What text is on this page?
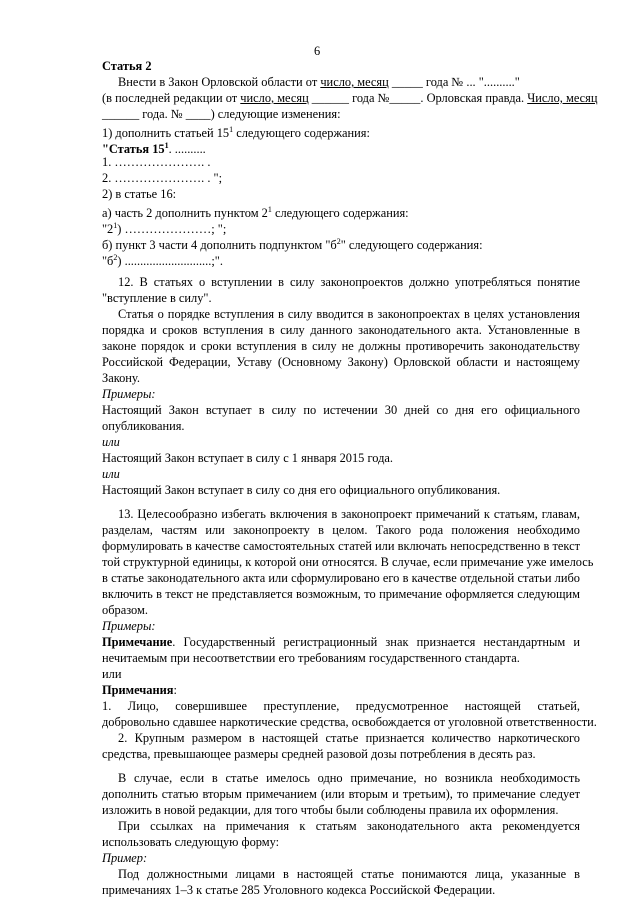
6
Статья 2
Внести в Закон Орловской области от число, месяц _____ года № ... ".........."
(в последней редакции от число, месяц ______ года №_____. Орловская правда. Число, месяц
______ года. № ____) следующие изменения:
1) дополнить статьей $15^1$ следующего содержания:
"Статья $15^1$. ..........
1. …………………. .
2. …………………. . ";
2) в статье 16:
а) часть 2 дополнить пунктом $2^1$ следующего содержания:
"$2^1$) …………………; ";
б) пункт 3 части 4 дополнить подпунктом "$б^2$" следующего содержания:
"$б^2$) ............................;".
12. В статьях о вступлении в силу законопроектов должно употребляться понятие
"вступление в силу".
Статья о порядке вступления в силу вводится в законопроектах в целях установления
порядка и сроков вступления в силу данного законодательного акта. Установленные в
законе порядок и сроки вступления в силу не должны противоречить законодательству
Российской Федерации, Уставу (Основному Закону) Орловской области и настоящему
Закону.
Примеры:
Настоящий Закон вступает в силу по истечении 30 дней со дня его официального
опубликования.
или
Настоящий Закон вступает в силу с 1 января 2015 года.
или
Настоящий Закон вступает в силу со дня его официального опубликования.
13. Целесообразно избегать включения в законопроект примечаний к статьям, главам,
разделам, частям или законопроекту в целом. Такого рода положения необходимо
формулировать в качестве самостоятельных статей или включать непосредственно в текст
той структурной единицы, к которой они относятся. В случае, если примечание уже имелось
в статье законодательного акта или сформулировано его в качестве отдельной статьи либо
включить в текст не представляется возможным, то примечание оформляется следующим
образом.
Примеры:
Примечание. Государственный регистрационный знак признается нестандартным и
нечитаемым при несоответствии его требованиям государственного стандарта.
или
Примечания:
1. Лицо, совершившее преступление, предусмотренное настоящей статьей,
добровольно сдавшее наркотические средства, освобождается от уголовной ответственности.
2. Крупным размером в настоящей статье признается количество наркотического
средства, превышающее размеры средней разовой дозы потребления в десять раз.
В случае, если в статье имелось одно примечание, но возникла необходимость
дополнить статью вторым примечанием (или вторым и третьим), то примечание следует
изложить в новой редакции, для того чтобы были соблюдены правила их оформления.
При ссылках на примечания к статьям законодательного акта рекомендуется
использовать следующую форму:
Пример:
Под должностными лицами в настоящей статье понимаются лица, указанные в
примечаниях 1–3 к статье 285 Уголовного кодекса Российской Федерации.
